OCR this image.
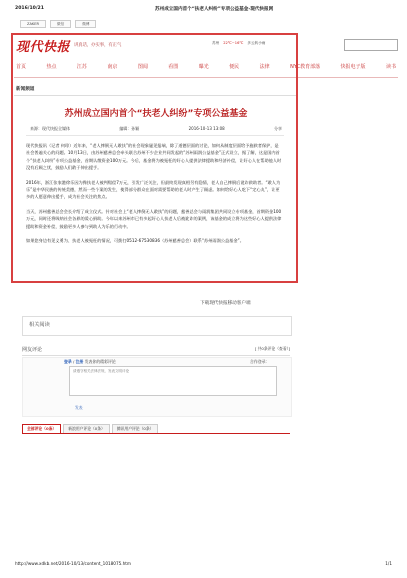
2016/10/21	苏州成立国内首个“扶老人纠纷”专项公益基金-现代快报网
ZAKER	微信	微博
现代快报 讲真话，办实事，有正气	苏州 22℃~16℃ 多云转小雨
首页	热点	江苏	南京	图闻	看图	曝光	便民	法律	NYC教育部落	快报电子版	读书
新闻频道
苏州成立国内首个“扶老人纠纷”专项公益基金
来源：现代快报全媒体	编辑：孙颖	2016-10-13 13:08	分享

现代快报讯（记者 何琼）近年来，“老人摔倒无人敢扶”的社会现象屡见报端，除了道德层面的讨论，如何从制度层面给予施救者保护，是社会普遍关心的问题。10月13日，由苏州慈善总会牵头联合苏州不少企业共同发起的“苏州雨润公益基金”正式设立，据了解，这是国内首个“扶老人纠纷”专项公益基金，首期认缴资金100万元。今后，基金将为被冤枉的好心人提供法律援助和经济补偿，让好心人在帮助他人时没有后顾之忧，鼓励人们敢于伸出援手。

2016年，浙江张家港徐乐因为搀扶老人被判赔偿7万元，引发广泛关注，但最终发现真相另有隐情，老人自己摔倒后讹诈救助者。“敢人为乐”是中华民族的传统美德，然而一些个案的发生，使得部分群众在面对需要帮助的老人时产生了顾虑。如何给好心人吃下“定心丸”，让更多的人愿意伸出援手，成为社会关注的焦点。

当天，苏州慈善总会会长介绍了成立仪式。针对社会上“老人摔倒无人敢扶”的问题，慈善总会与雨润集团共同设立专项基金，首期资金100万元，同时还将吸纳社会各界的爱心捐助。今年以来苏州市已有多起好心人扶老人后被讹诈的案例，该基金的成立将为这些好心人提供法律援助和资金补偿，鼓励更多人参与到助人为乐的行动中。

如果您身边有见义勇为、扶老人被冤枉的情况，可拨打0512-67530836（苏州慈善总会）联系“苏州雨润公益基金”。

下载现代快报移动客户端
相关阅读
网友评论	[ 共0条评论（查看）]
登录 / 注册 发表你的精彩评论	合作登录：
请遵守相关法律法规，发表文明评论
发表
全部评论（0条）	新浪用户评论（0条）	腾讯用户评论（0条）
http://www.xdkb.net/2016-10/13/content_1018075.htm	1/1
